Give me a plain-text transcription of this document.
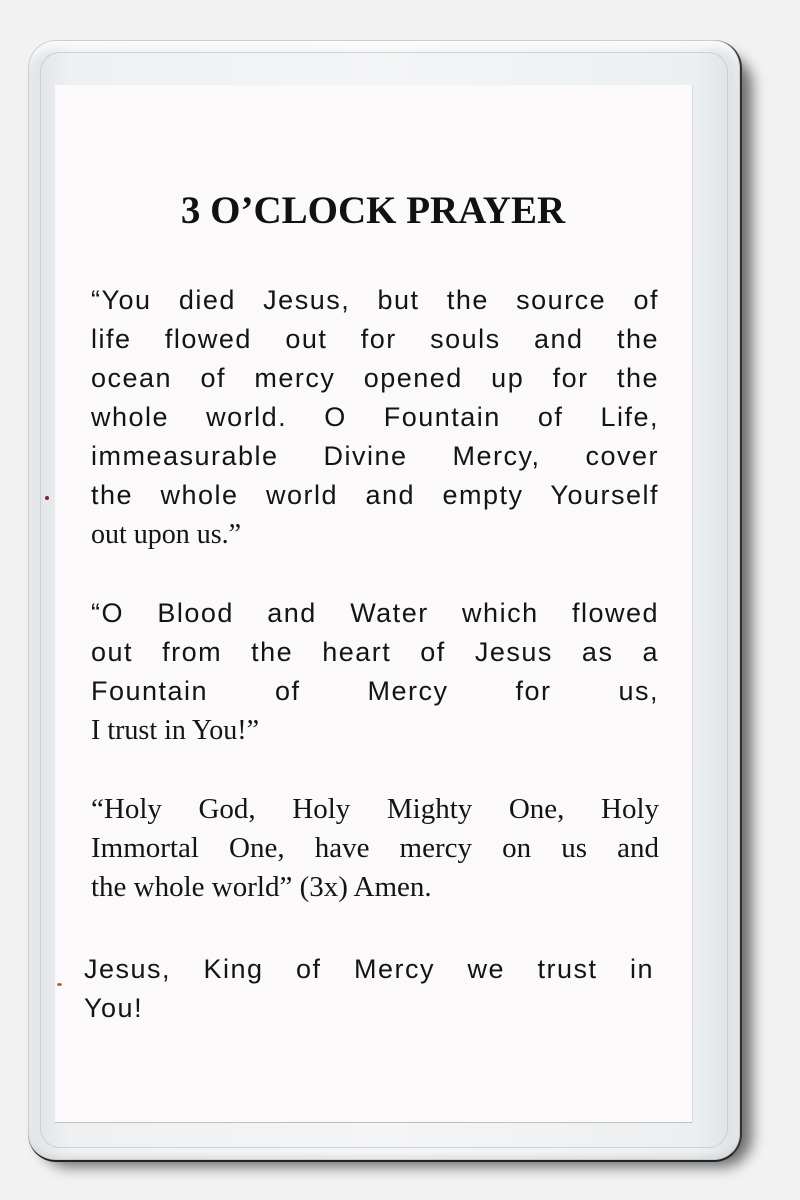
3 O’CLOCK PRAYER
“You died Jesus, but the source of
life flowed out for souls and the
ocean of mercy opened up for the
whole world. O Fountain of Life,
immeasurable Divine Mercy, cover
the whole world and empty Yourself
out upon us.”
“O Blood and Water which flowed
out from the heart of Jesus as a
Fountain of Mercy for us,
I trust in You!”
“Holy God, Holy Mighty One, Holy
Immortal One, have mercy on us and
the whole world” (3x) Amen.
Jesus, King of Mercy we trust in
You!
